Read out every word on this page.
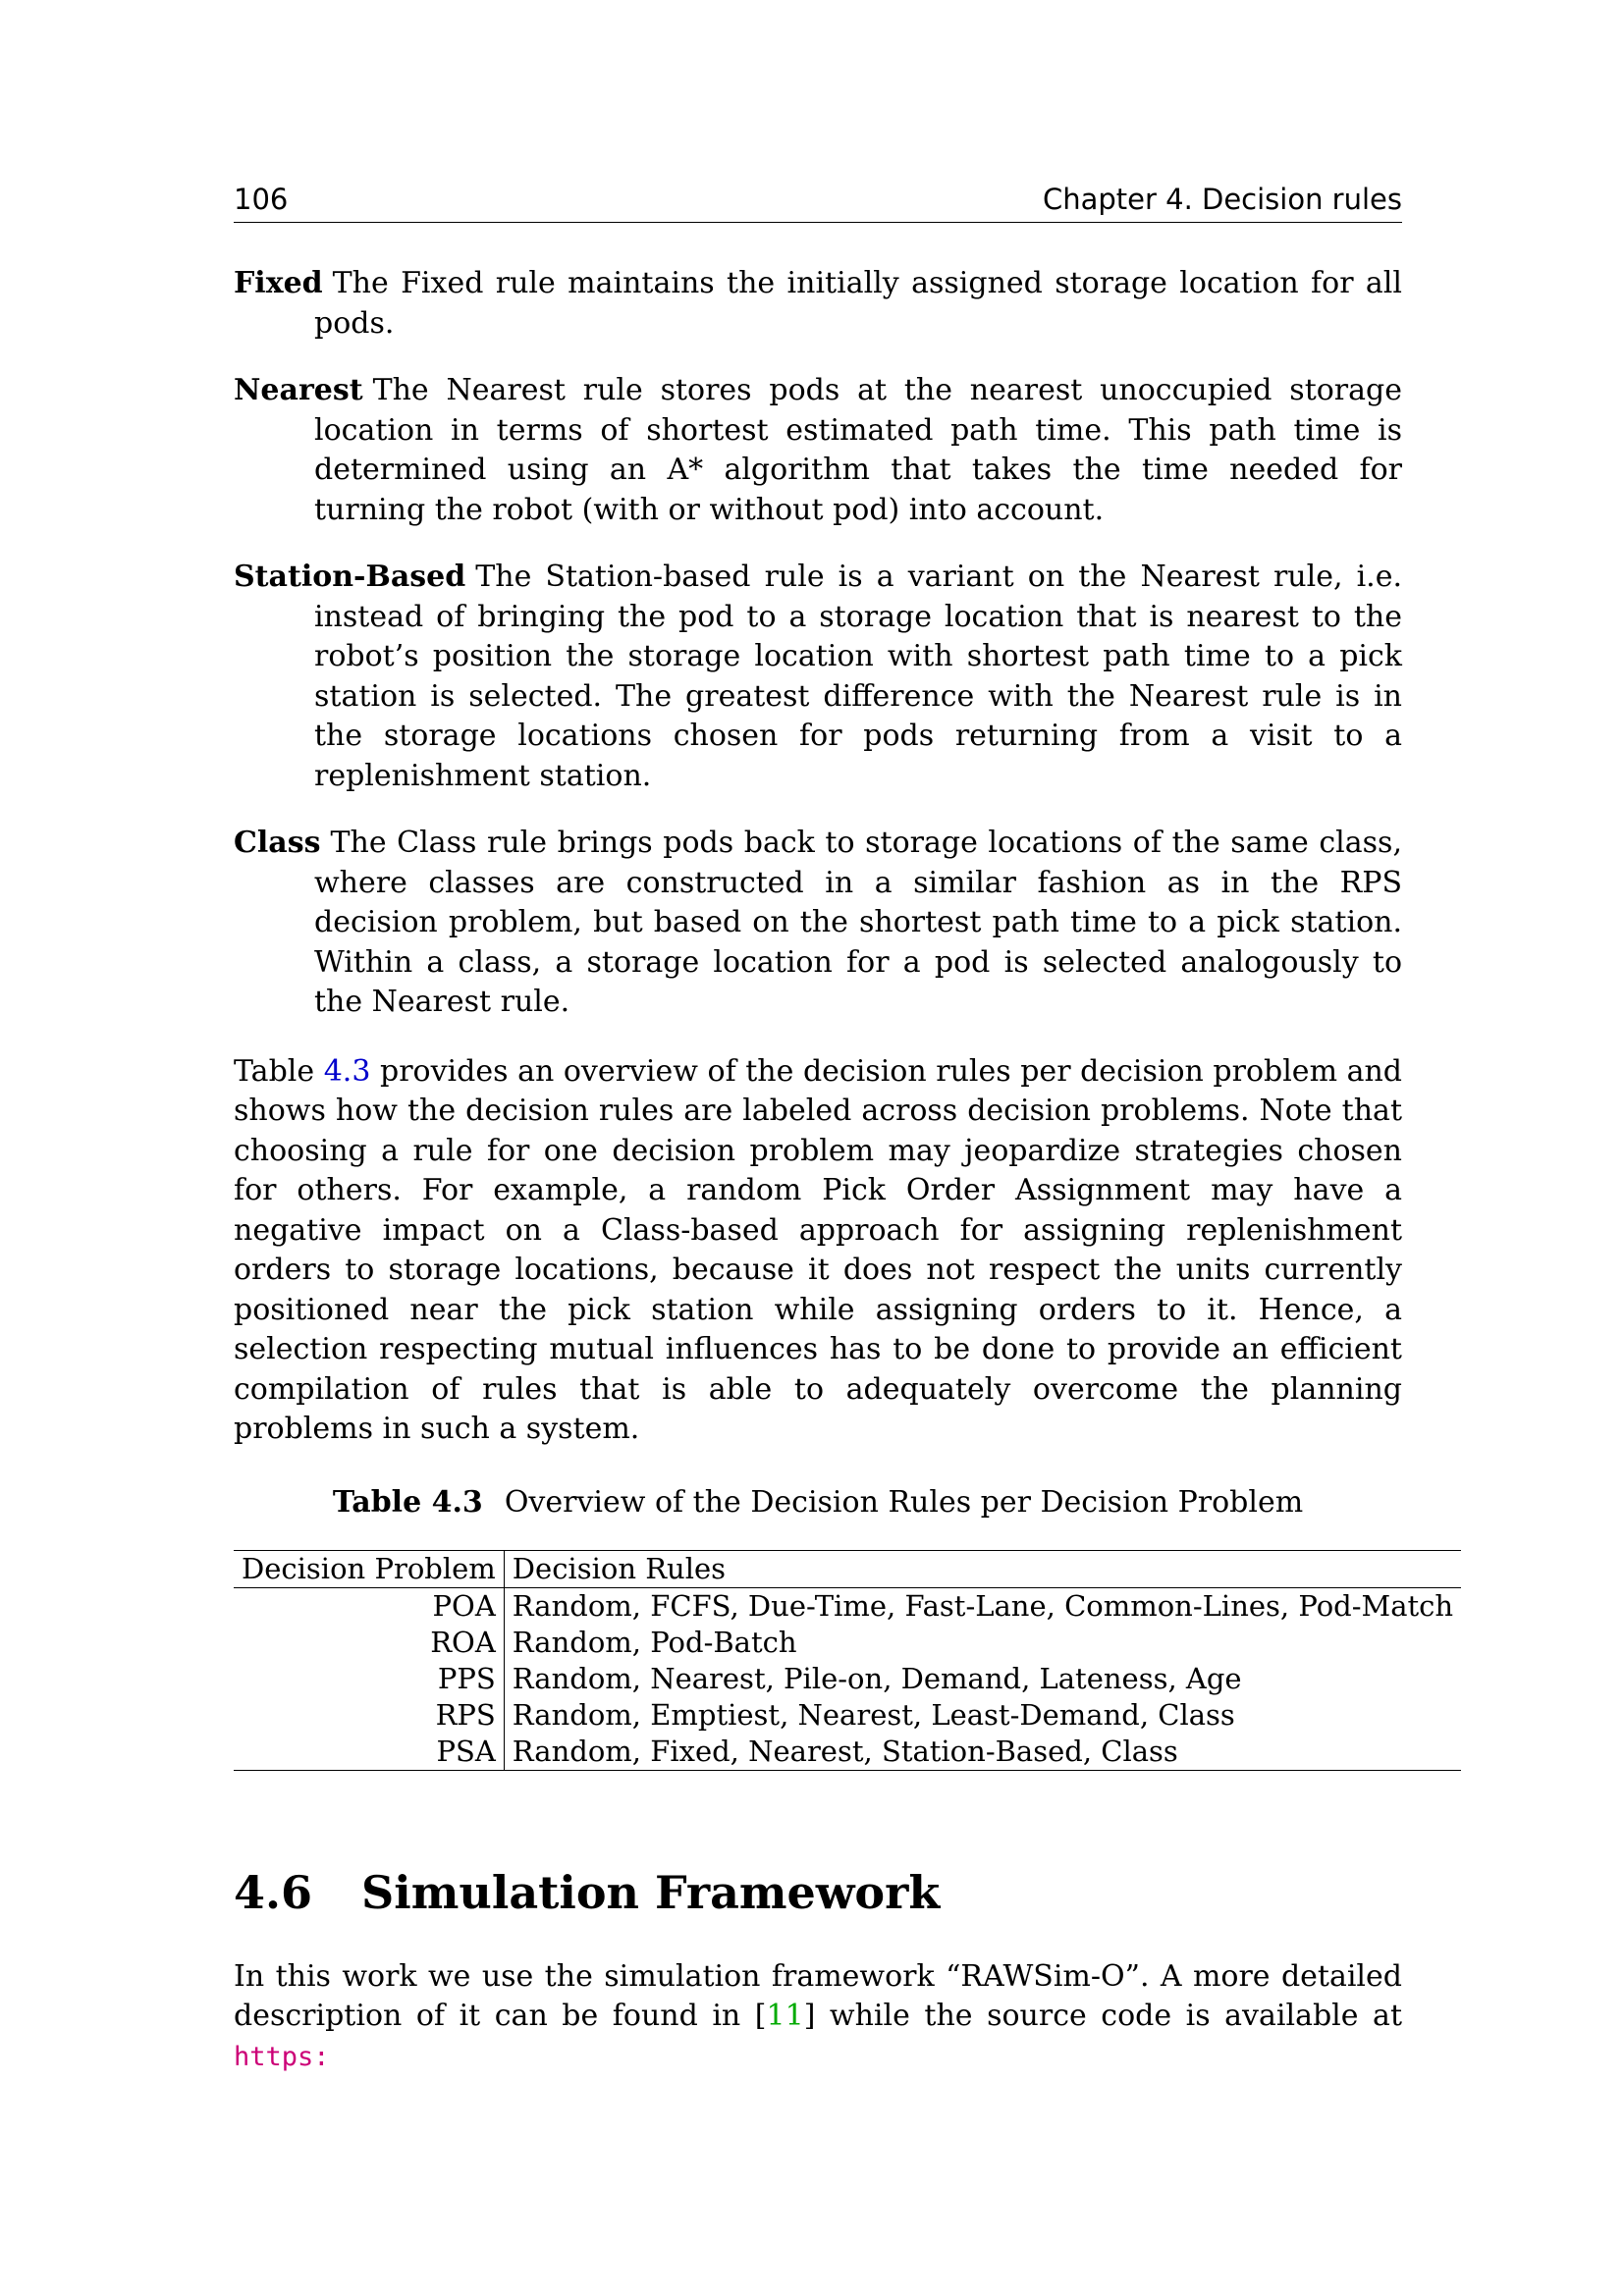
106	Chapter 4. Decision rules
Fixed The Fixed rule maintains the initially assigned storage location for all pods.
Nearest The Nearest rule stores pods at the nearest unoccupied storage location in terms of shortest estimated path time. This path time is determined using an A* algorithm that takes the time needed for turning the robot (with or without pod) into account.
Station-Based The Station-based rule is a variant on the Nearest rule, i.e. instead of bringing the pod to a storage location that is nearest to the robot’s position the storage location with shortest path time to a pick station is selected. The greatest difference with the Nearest rule is in the storage locations chosen for pods returning from a visit to a replenishment station.
Class The Class rule brings pods back to storage locations of the same class, where classes are constructed in a similar fashion as in the RPS decision problem, but based on the shortest path time to a pick station. Within a class, a storage location for a pod is selected analogously to the Nearest rule.

Table 4.3 provides an overview of the decision rules per decision problem and shows how the decision rules are labeled across decision problems. Note that choosing a rule for one decision problem may jeopardize strategies chosen for others. For example, a random Pick Order Assignment may have a negative impact on a Class-based approach for assigning replenishment orders to storage locations, because it does not respect the units currently positioned near the pick station while assigning orders to it. Hence, a selection respecting mutual influences has to be done to provide an efficient compilation of rules that is able to adequately overcome the planning problems in such a system.

Table 4.3 Overview of the Decision Rules per Decision Problem
Decision Problem	Decision Rules
POA	Random, FCFS, Due-Time, Fast-Lane, Common-Lines, Pod-Match
ROA	Random, Pod-Batch
PPS	Random, Nearest, Pile-on, Demand, Lateness, Age
RPS	Random, Emptiest, Nearest, Least-Demand, Class
PSA	Random, Fixed, Nearest, Station-Based, Class
4.6 Simulation Framework

In this work we use the simulation framework “RAWSim-O”. A more detailed description of it can be found in [11] while the source code is available at https:
